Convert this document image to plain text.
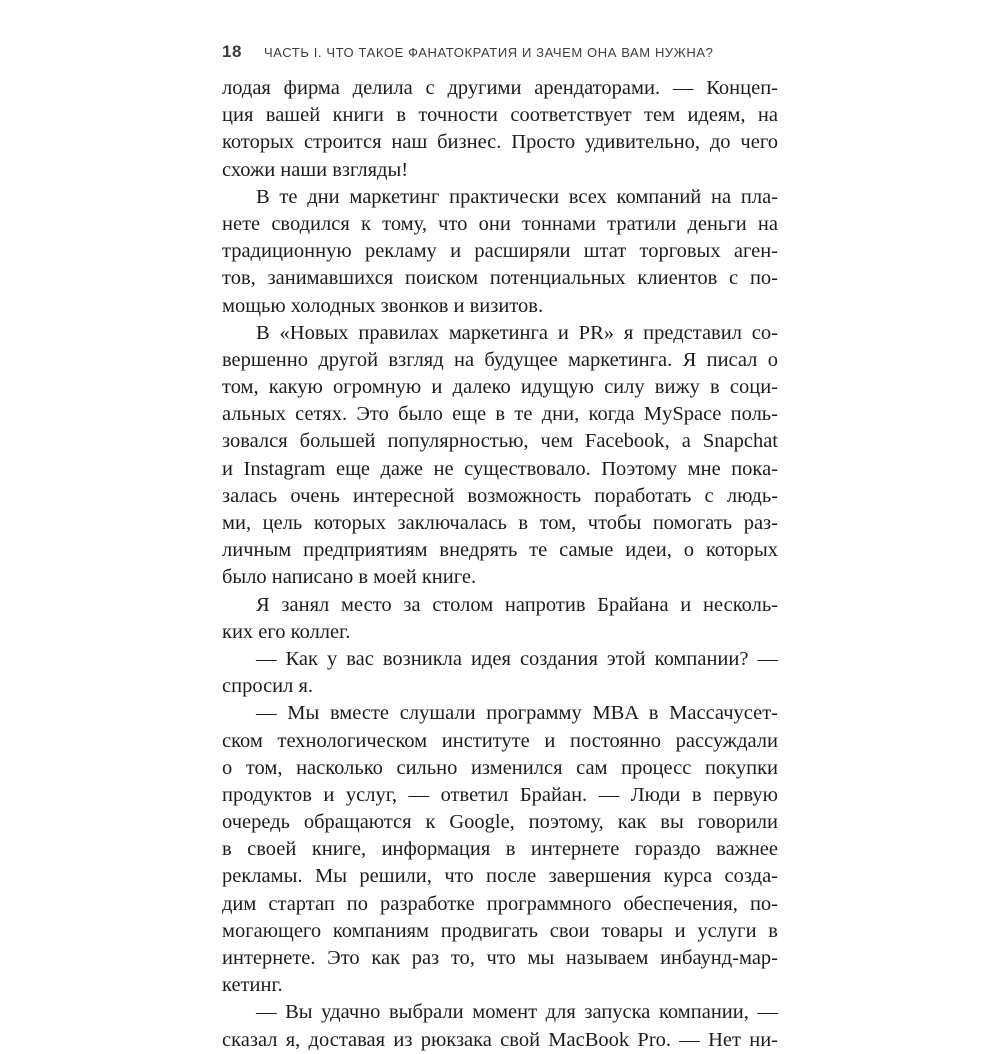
18 ЧАСТЬ I. ЧТО ТАКОЕ ФАНАТОКРАТИЯ И ЗАЧЕМ ОНА ВАМ НУЖНА?
лодая фирма делила с другими арендаторами. — Концеп-
ция вашей книги в точности соответствует тем идеям, на
которых строится наш бизнес. Просто удивительно, до чего
схожи наши взгляды!
В те дни маркетинг практически всех компаний на пла-
нете сводился к тому, что они тоннами тратили деньги на
традиционную рекламу и расширяли штат торговых аген-
тов, занимавшихся поиском потенциальных клиентов с по-
мощью холодных звонков и визитов.
В «Новых правилах маркетинга и PR» я представил со-
вершенно другой взгляд на будущее маркетинга. Я писал о
том, какую огромную и далеко идущую силу вижу в соци-
альных сетях. Это было еще в те дни, когда MySpace поль-
зовался большей популярностью, чем Facebook, а Snapchat
и Instagram еще даже не существовало. Поэтому мне пока-
залась очень интересной возможность поработать с людь-
ми, цель которых заключалась в том, чтобы помогать раз-
личным предприятиям внедрять те самые идеи, о которых
было написано в моей книге.
Я занял место за столом напротив Брайана и несколь-
ких его коллег.
— Как у вас возникла идея создания этой компании? —
спросил я.
— Мы вместе слушали программу MBA в Массачусет-
ском технологическом институте и постоянно рассуждали
о том, насколько сильно изменился сам процесс покупки
продуктов и услуг, — ответил Брайан. — Люди в первую
очередь обращаются к Google, поэтому, как вы говорили
в своей книге, информация в интернете гораздо важнее
рекламы. Мы решили, что после завершения курса созда-
дим стартап по разработке программного обеспечения, по-
могающего компаниям продвигать свои товары и услуги в
интернете. Это как раз то, что мы называем инбаунд-мар-
кетинг.
— Вы удачно выбрали момент для запуска компании, —
сказал я, доставая из рюкзака свой MacBook Pro. — Нет ни-
